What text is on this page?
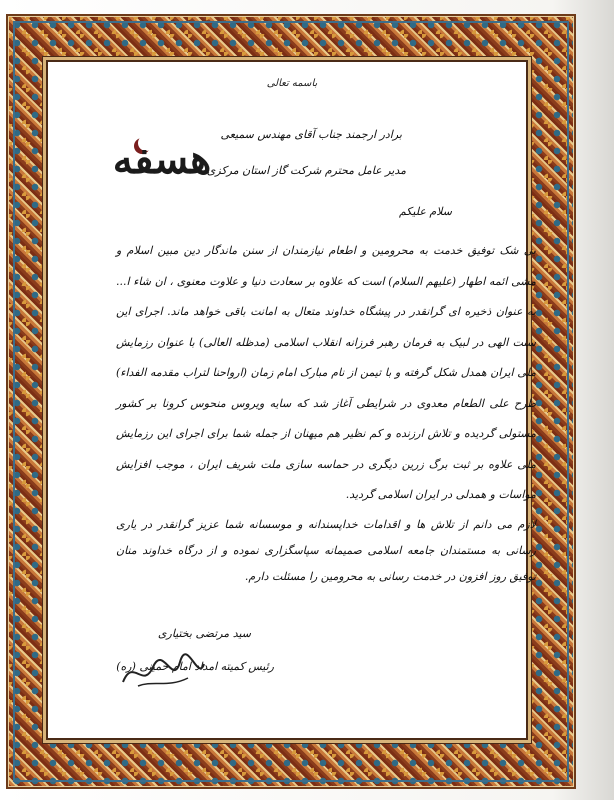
باسمه تعالی
هسفه
برادر ارجمند جناب آقای مهندس سمیعی
مدیر عامل محترم شرکت گاز استان مرکزی
سلام علیکم
بی شک توفیق خدمت به محرومین و اطعام نیازمندان از سنن ماندگار دین مبین اسلام و مشی ائمه اطهار (علیهم السلام) است که علاوه بر سعادت دنیا و علاوت معنوی ، ان شاء ا... به عنوان ذخیره ای گرانقدر در پیشگاه خداوند متعال به امانت باقی خواهد ماند. اجرای این سنت الهی در لبیک به فرمان رهبر فرزانه انقلاب اسلامی (مدظله العالی) با عنوان رزمایش ملی ایران همدل شکل گرفته و با تیمن از نام مبارک امام زمان (ارواحنا لتراب مقدمه الفداء) طرح علی الطعام معدوی در شرایطی آغاز شد که سایه ویروس منحوس کرونا بر کشور مستولی گردیده و تلاش ارزنده و کم نظیر هم میهنان از جمله شما برای اجرای این رزمایش ملی علاوه بر ثبت برگ زرین دیگری در حماسه سازی ملت شریف ایران ، موجب افزایش مواسات و همدلی در ایران اسلامی گردید.
لازم می دانم از تلاش ها و اقدامات خداپسندانه و موسسانه شما عزیز گرانقدر در یاری رسانی به مستمندان جامعه اسلامی صمیمانه سپاسگزاری نموده و از درگاه خداوند منان توفیق روز افزون در خدمت رسانی به محرومین را مسئلت دارم.
سید مرتضی بختیاری
رئیس کمیته امداد امام خمینی (ره)
